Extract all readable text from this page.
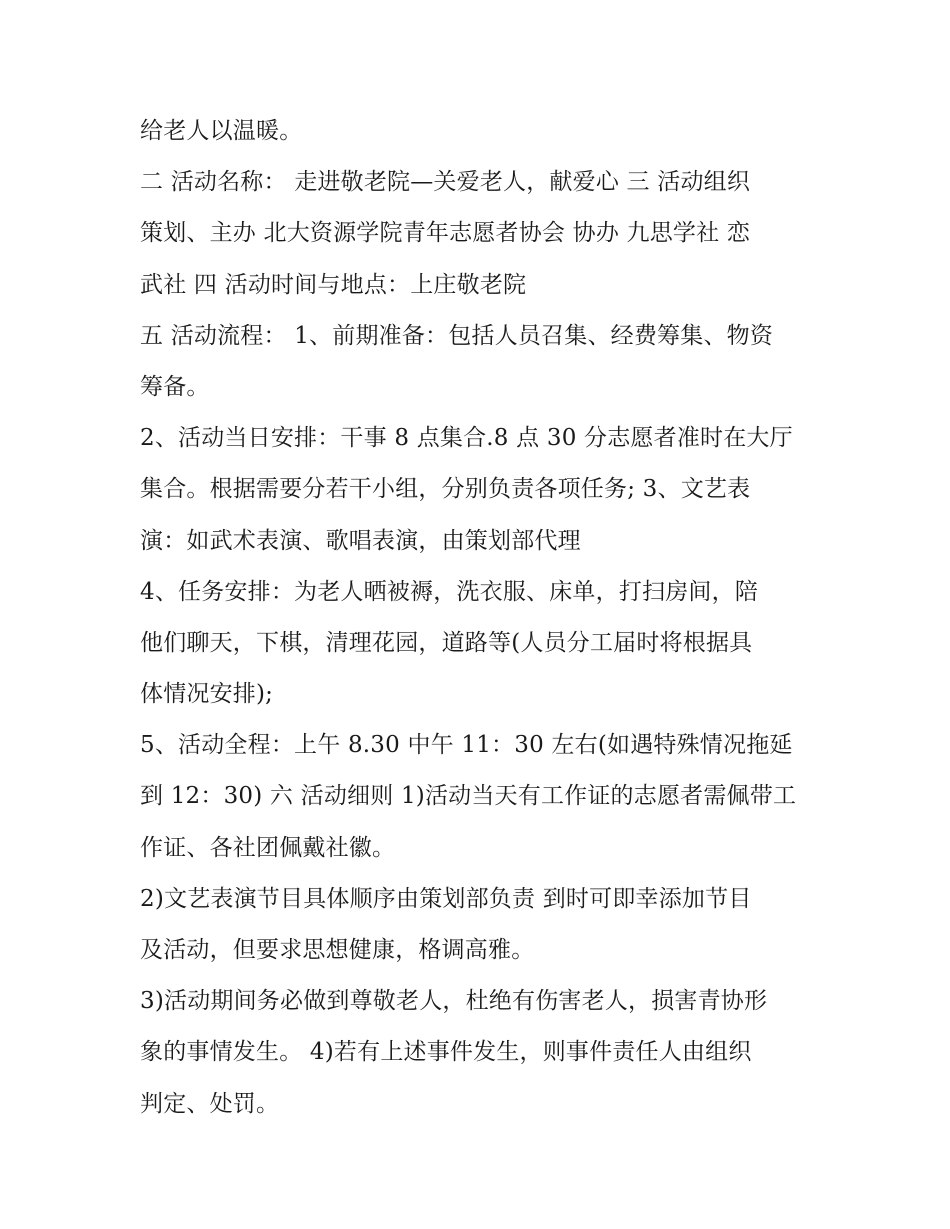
给老人以温暖。
二 活动名称： 走进敬老院—关爱老人，献爱心 三 活动组织
策划、主办 北大资源学院青年志愿者协会 协办 九思学社 恋
武社 四 活动时间与地点：上庄敬老院
五 活动流程： 1、前期准备：包括人员召集、经费筹集、物资
筹备。
2、活动当日安排：干事 8 点集合.8 点 30 分志愿者准时在大厅
集合。根据需要分若干小组，分别负责各项任务; 3、文艺表
演：如武术表演、歌唱表演，由策划部代理
4、任务安排：为老人晒被褥，洗衣服、床单，打扫房间，陪
他们聊天，下棋，清理花园，道路等(人员分工届时将根据具
体情况安排);
5、活动全程：上午 8.30 中午 11：30 左右(如遇特殊情况拖延
到 12：30) 六 活动细则 1)活动当天有工作证的志愿者需佩带工
作证、各社团佩戴社徽。
2)文艺表演节目具体顺序由策划部负责 到时可即幸添加节目
及活动，但要求思想健康，格调高雅。
3)活动期间务必做到尊敬老人，杜绝有伤害老人，损害青协形
象的事情发生。 4)若有上述事件发生，则事件责任人由组织
判定、处罚。
